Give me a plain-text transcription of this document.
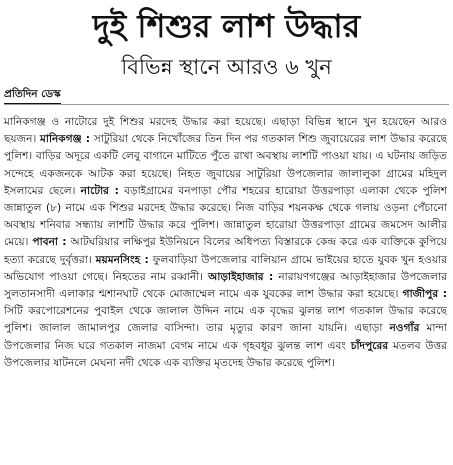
দুই শিশুর লাশ উদ্ধার
বিভিন্ন স্থানে আরও ৬ খুন
প্রতিদিন ডেস্ক
মানিকগঞ্জ ও নাটোরে দুই শিশুর মরদেহ উদ্ধার করা হয়েছে। এছাড়া বিভিন্ন স্থানে খুন হয়েছেন আরও ছয়জন। মানিকগঞ্জ : সাটুরিয়া থেকে নিখোঁজের তিন দিন পর গতকাল শিশু জুবায়েরের লাশ উদ্ধার করেছে পুলিশ। বাড়ির অদূরে একটি লেবু বাগানে মাটিতে পুঁতে রাখা অবস্থায় লাশটি পাওয়া যায়। এ ঘটনায় জড়িত সন্দেহে একজনকে আটক করা হয়েছে। নিহত জুবায়ের সাটুরিয়া উপজেলার জালালুকা গ্রামের মহিদুল ইসলামের ছেলে। নাটোর : বড়াইগ্রামের বনপাড়া পৌর শহরের হারোয়া উত্তরপাড়া এলাকা থেকে পুলিশ জান্নাতুল (৮) নামে এক শিশুর মরদেহ উদ্ধার করেছে। নিজ বাড়ির শয়নকক্ষ থেকে গলায় ওড়না পেঁচানো অবস্থায় শনিবার সন্ধ্যায় লাশটি উদ্ধার করে পুলিশ। জান্নাতুল হারোয়া উত্তরপাড়া গ্রামের জমসেদ আলীর মেয়ে। পাবনা : আটঘরিয়ার লক্ষিপুর ইউনিয়নে বিলের অধিপত্য বিস্তারকে কেন্দ্র করে এক ব্যক্তিকে কুপিয়ে হত্যা করেছে দুর্বৃত্তরা। ময়মনসিংহ : ফুলবাড়িয়া উপজেলার বালিয়ান গ্রামে ভাইয়ের হাতে যুবক খুন হওয়ার অভিযোগ পাওয়া গেছে। নিহতের নাম রব্বানী। আড়াইহাজার : নারায়ণগঞ্জের আড়াইহাজার উপজেলার সুলতানসাদী এলাকার শ্মশানঘাট থেকে মোজাম্মেল নামে এক যুবকের লাশ উদ্ধার করা হয়েছে। গাজীপুর : সিটি করপোরেশনের পুবাইল থেকে জালাল উদ্দিন নামে এক বৃদ্ধের ঝুলন্ত লাশ গতকাল উদ্ধার করেছে পুলিশ। জালাল জামালপুর জেলার বাসিন্দা। তার মৃত্যুর কারণ জানা যায়নি। এছাড়া নওগাঁর মান্দা উপজেলার নিজ ঘরে গতকাল নাজমা বেগম নামে এক গৃহবধূর ঝুলন্ত লাশ এবং চাঁদপুরের মতলব উত্তর উপজেলার ষাটনলে মেঘনা নদী থেকে এক ব্যক্তির মৃতদেহ উদ্ধার করেছে পুলিশ।
